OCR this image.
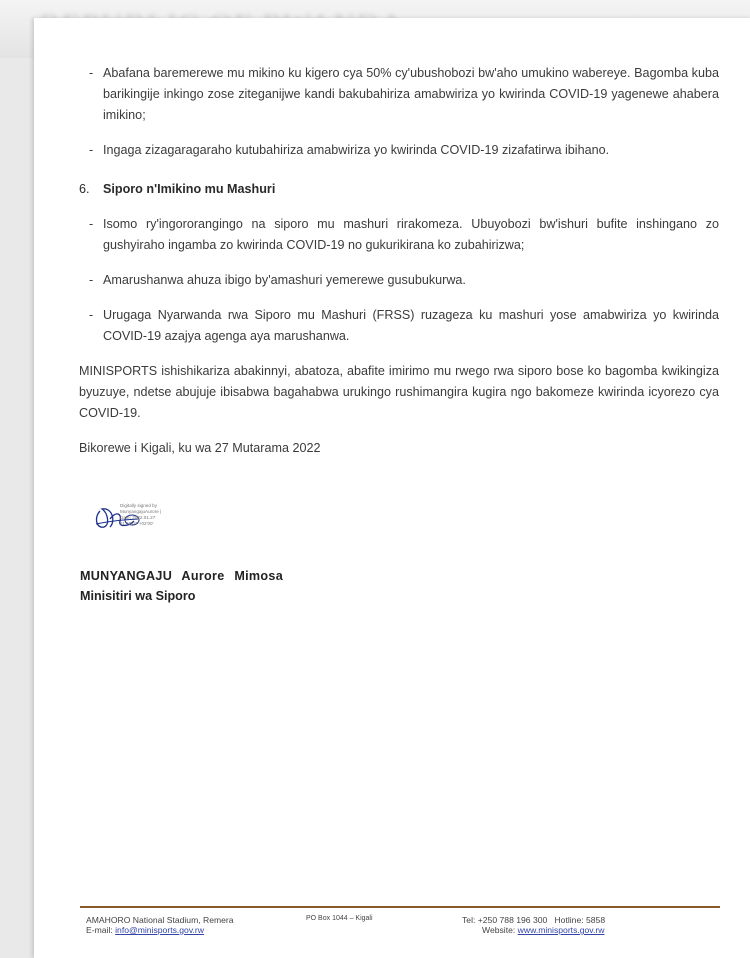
- Abafana baremerewe mu mikino ku kigero cya 50% cy'ubushobozi bw'aho umukino wabereye. Bagomba kuba barikingije inkingo zose ziteganijwe kandi bakubahiriza amabwiriza yo kwirinda COVID-19 yagenewe ahabera imikino;
- Ingaga zizagaragaraho kutubahiriza amabwiriza yo kwirinda COVID-19 zizafatirwa ibihano.
6. Siporo n'Imikino mu Mashuri
- Isomo ry'ingororangingo na siporo mu mashuri rirakomeza. Ubuyobozi bw'ishuri bufite inshingano zo gushyiraho ingamba zo kwirinda COVID-19 no gukurikirana ko zubahirizwa;
- Amarushanwa ahuza ibigo by'amashuri yemerewe gusubukurwa.
- Urugaga Nyarwanda rwa Siporo mu Mashuri (FRSS) ruzageza ku mashuri yose amabwiriza yo kwirinda COVID-19 azajya agenga aya marushanwa.
MINISPORTS ishishikariza abakinnyi, abatoza, abafite imirimo mu rwego rwa siporo bose ko bagomba kwikingiza byuzuye, ndetse abujuje ibisabwa bagahabwa urukingo rushimangira kugira ngo bakomeze kwirinda icyorezo cya COVID-19.
Bikorewe i Kigali, ku wa 27 Mutarama 2022
Digitally signed by
MunyangajuAurore |
Date: 2022.01.27
11:22:07 +02'00'
MUNYANGAJU Aurore Mimosa
Minisitiri wa Siporo
AMAHORO National Stadium, Remera
E-mail: info@minisports.gov.rw
PO Box 1044 – Kigali	Tel: +250 788 196 300 Hotline: 5858
Website: www.minisports.gov.rw
